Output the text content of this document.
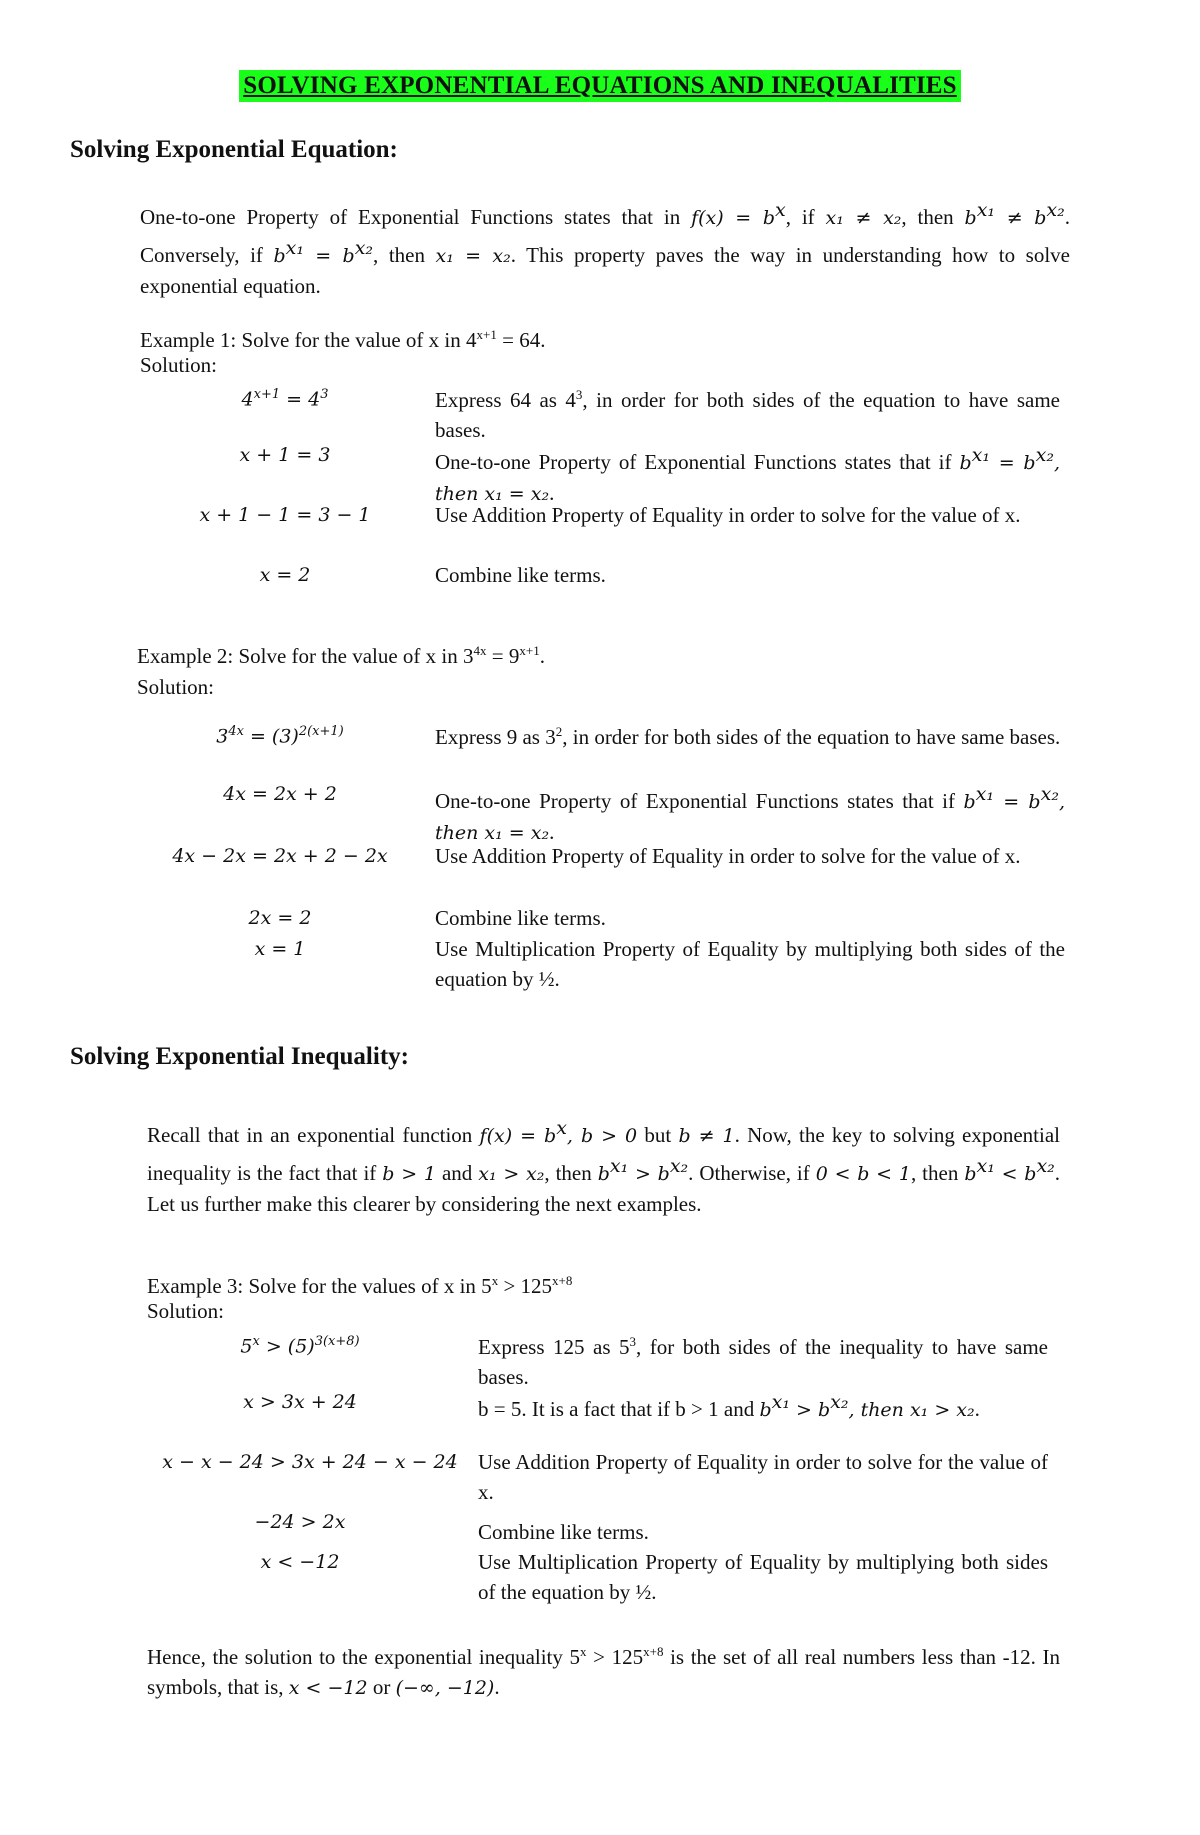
SOLVING EXPONENTIAL EQUATIONS AND INEQUALITIES
Solving Exponential Equation:
One-to-one Property of Exponential Functions states that in $f(x) = b^x$, if x₁ ≠ x₂, then $b^{x_1} \ne b^{x_2}$. Conversely, if $b^{x_1} = b^{x_2}$, then x₁ = x₂. This property paves the way in understanding how to solve exponential equation.
Example 1: Solve for the value of x in $4^{x+1} = 64$.
Solution:
$4^{x+1} = 4^3$	Express 64 as $4^3$, in order for both sides of the equation to have same bases.
x + 1 = 3	One-to-one Property of Exponential Functions states that if $b^{x_1} = b^{x_2}$, then x₁ = x₂.
x + 1 − 1 = 3 − 1	Use Addition Property of Equality in order to solve for the value of x.
x = 2	Combine like terms.
Example 2: Solve for the value of x in $3^{4x} = 9^{x+1}$.
Solution:
$3^{4x} = (3)^{2(x+1)}$	Express 9 as $3^2$, in order for both sides of the equation to have same bases.
4x = 2x + 2	One-to-one Property of Exponential Functions states that if $b^{x_1} = b^{x_2}$, then x₁ = x₂.
4x − 2x = 2x + 2 − 2x	Use Addition Property of Equality in order to solve for the value of x.
2x = 2	Combine like terms.
x = 1	Use Multiplication Property of Equality by multiplying both sides of the equation by ½.
Solving Exponential Inequality:
Recall that in an exponential function $f(x) = b^x$, b > 0 but b ≠ 1. Now, the key to solving exponential inequality is the fact that if b > 1 and x₁ > x₂, then $b^{x_1} > b^{x_2}$. Otherwise, if 0 < b < 1, then $b^{x_1} < b^{x_2}$. Let us further make this clearer by considering the next examples.
Example 3: Solve for the values of x in $5^x > 125^{x+8}$
Solution:
$5^x > (5)^{3(x+8)}$	Express 125 as $5^3$, for both sides of the inequality to have same bases.
x > 3x + 24	b = 5. It is a fact that if b > 1 and $b^{x_1} > b^{x_2}$, then x₁ > x₂.
x − x − 24 > 3x + 24 − x − 24 Use Addition Property of Equality in order to solve for the value of x.
−24 > 2x	Combine like terms.
x < −12	Use Multiplication Property of Equality by multiplying both sides of the equation by ½.
Hence, the solution to the exponential inequality $5^x > 125^{x+8}$ is the set of all real numbers less than -12. In symbols, that is, x < −12 or (−∞, −12).
